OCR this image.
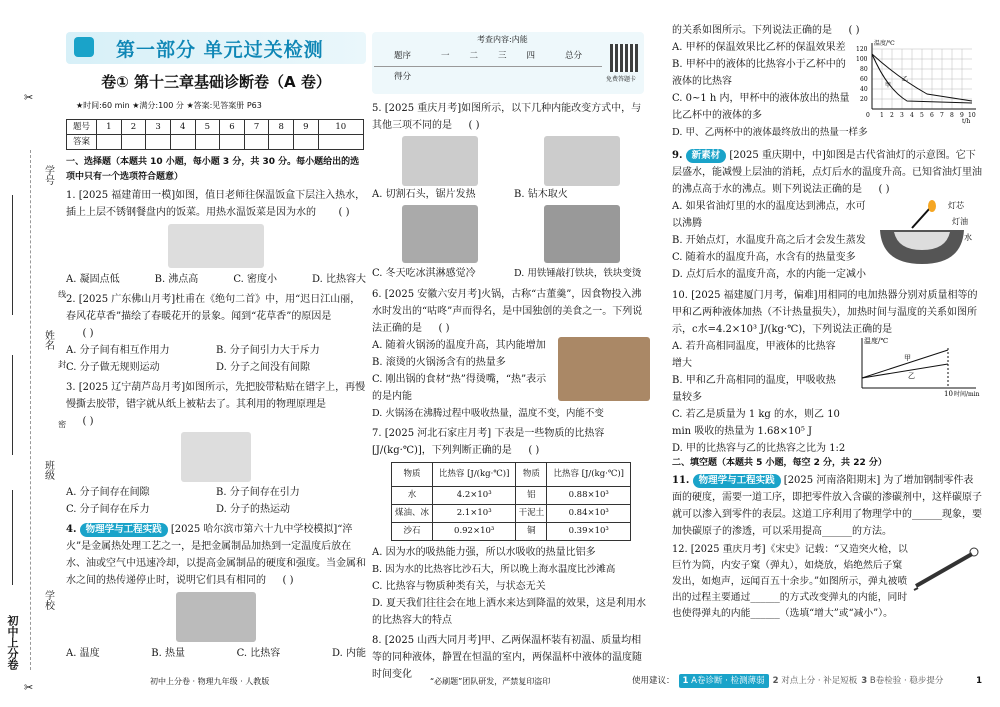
学号
姓名
班级
学校
线
封
密
✂
✂
初中上分卷
第一部分 单元过关检测
卷① 第十三章基础诊断卷（A 卷）
★时间:60 min ★满分:100 分 ★答案:见答案册 P63
题号	1	2	3	4	5	6	7	8	9	10
答案										
一、选择题（本题共 10 小题，每小题 3 分，共 30 分。每小题给出的选项中只有一个选项符合题意）
1. [2025 福建莆田一模]如图，值日老师往保温饭盒下层注入热水，插上上层不锈钢餐盘内的饭菜。用热水温饭菜是因为水的	( )
A. 凝固点低	B. 沸点高	C. 密度小	D. 比热容大
2. [2025 广东佛山月考]杜甫在《绝句二首》中，用“迟日江山丽，春风花草香”描绘了春暖花开的景象。闻到“花草香”的原因是( )
A. 分子间有相互作用力	B. 分子间引力大于斥力
C. 分子做无规则运动	D. 分子之间没有间隙
3. [2025 辽宁葫芦岛月考]如图所示，先把胶带粘贴在镨字上，再慢慢撕去胶带，镨字就从纸上被粘去了。其利用的物理原理是( )
A. 分子间存在间隙	B. 分子间存在引力
C. 分子间存在斥力	D. 分子的热运动
4. 物理学与工程实践 [2025 哈尔滨市第六十九中学校模拟]“淬火”是金属热处理工艺之一，是把金属制品加热到一定温度后放在水、油或空气中迅速冷却，以提高金属制品的硬度和强度。当金属和水之间的热传递停止时，说明它们具有相同的 ( )
A. 温度	B. 热量	C. 比热容	D. 内能
考查内容:内能
题序	一	二	三	四	总分
得分						免费答题卡
5. [2025 重庆月考]如图所示，以下几种内能改变方式中，与其他三项不同的是 ( )
A. 切割石头，锯片发热	B. 钻木取火
C. 冬天吃冰淇淋感觉冷	D. 用铁锤敲打铁块，铁块变烫
6. [2025 安徽六安月考]火锅，古称“古董羹”，因食物投入沸水时发出的“咕咚”声而得名，是中国独创的美食之一。下列说法正确的是 ( )
A. 随着火锅汤的温度升高，其内能增加
B. 滚烫的火锅汤含有的热量多
C. 刚出锅的食材“热”得烫嘴，“热”表示的是内能
D. 火锅汤在沸腾过程中吸收热量，温度不变，内能不变
7. [2025 河北石家庄月考] 下表是一些物质的比热容 [J/(kg·℃)]，下列判断正确的是 ( )
物质	比热容 [J/(kg·℃)]	物质	比热容 [J/(kg·℃)]
水	4.2×10³	铝	0.88×10³
煤油、冰	2.1×10³	干泥土	0.84×10³
沙石	0.92×10³	铜	0.39×10³
A. 因为水的吸热能力强，所以水吸收的热量比铝多
B. 因为水的比热容比沙石大，所以晚上海水温度比沙滩高
C. 比热容与物质种类有关，与状态无关
D. 夏天我们往往会在地上洒水来达到降温的效果，这是利用水的比热容大的特点
8. [2025 山西大同月考]甲、乙两保温杯装有初温、质量均相等的同种液体，静置在恒温的室内，两保温杯中液体的温度随时间变化
的关系如图所示。下列说法正确的是 ( )
A. 甲杯的保温效果比乙杯的保温效果差
B. 甲杯中的液体的比热容小于乙杯中的液体的比热容
C. 0~1 h 内，甲杯中的液体放出的热量比乙杯中的液体的多
D. 甲、乙两杯中的液体最终放出的热量一样多
温度/℃
t/h
120
100
80
60
40
20
0 1 2 3 4 5 6 7 8 9 10
甲
乙
9. 新素材 [2025 重庆期中，中]如图是古代省油灯的示意图。它下层盛水，能减慢上层油的消耗，点灯后水的温度升高。已知省油灯里油的沸点高于水的沸点。则下列说法正确的是 ( )
A. 如果省油灯里的水的温度达到沸点，水可以沸腾
B. 开始点灯，水温度升高之后才会发生蒸发
C. 随着水的温度升高，水含有的热量变多
D. 点灯后水的温度升高，水的内能一定减小
灯芯
灯油
水
10. [2025 福建厦门月考，偏难]用相同的电加热器分别对质量相等的甲和乙两种液体加热（不计热量损失），加热时间与温度的关系如图所示，c水=4.2×10³ J/(kg·℃)，下列说法正确的是
A. 若升高相同温度，甲液体的比热容增大
B. 甲和乙升高相同的温度，甲吸收热量较多
C. 若乙是质量为 1 kg 的水，则乙 10 min 吸收的热量为 1.68×10⁵ J
D. 甲的比热容与乙的比热容之比为 1:2
温度/℃
10 时间/min
甲
乙
二、填空题（本题共 5 小题，每空 2 分，共 22 分）
11. 物理学与工程实践 [2025 河南洛阳期末] 为了增加钢制零件表面的硬度，需要一道工序，即把零件放入含碳的渗碳剂中，这样碳原子就可以渗入到零件的表层。这道工序利用了物理学中的______现象，要加快碳原子的渗透，可以采用提高______的方法。
12. [2025 重庆月考]《宋史》记载：“又造突火枪，以巨竹为筒，内安子窠（弹丸），如烧放，焰绝然后子窠发出，如炮声，远闻百五十余步。”如图所示，弹丸被喷出的过程主要通过______的方式改变弹丸的内能，同时也使得弹丸的内能______（选填“增大”或“减小”）。
初中上分卷 · 物理九年级 · 人教版	“必刷题”团队研发，严禁复印盗印	使用建议： 1 A卷诊断 · 检测薄弱 2 对点上分 · 补足短板 3 B卷检验 · 稳步提分	1
